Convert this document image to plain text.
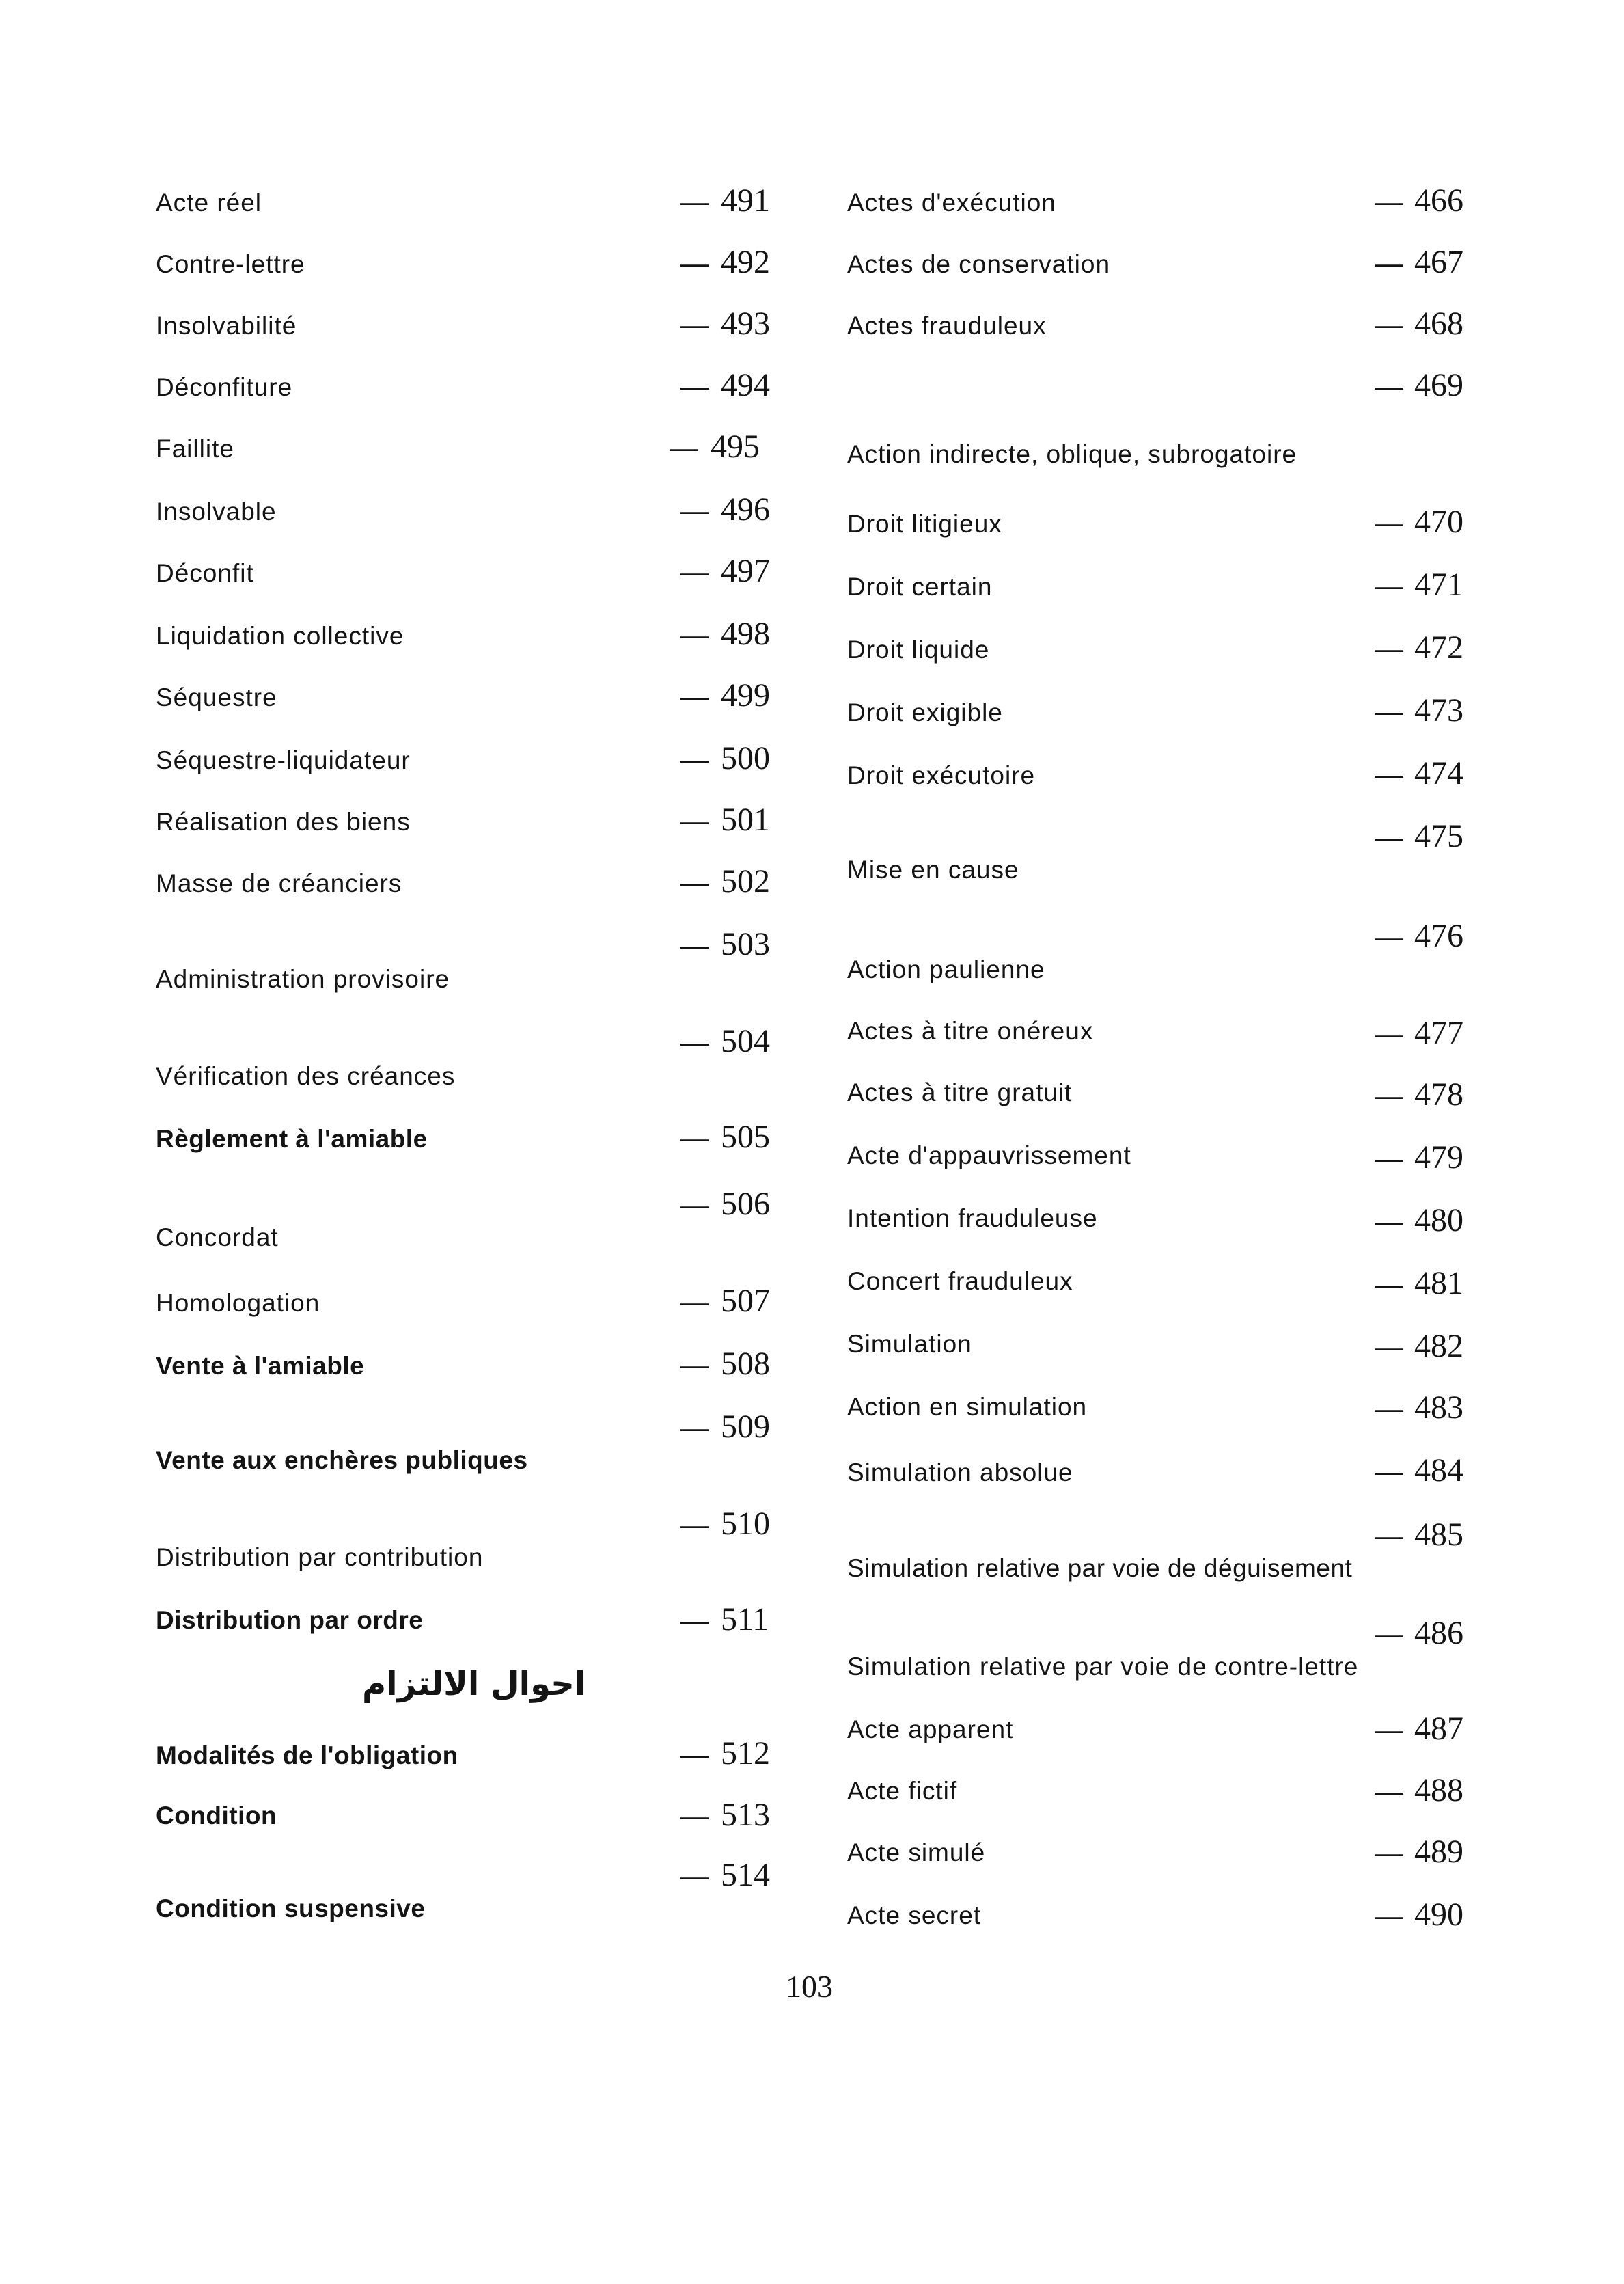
466
—
Actes d'exécution
467
—
Actes de conservation
468
—
Actes frauduleux
469
—
Action indirecte, oblique, subrogatoire
470
—
Droit litigieux
471
—
Droit certain
472
—
Droit liquide
473
—
Droit exigible
474
—
Droit exécutoire
475
—
Mise en cause
476
—
Action paulienne
477
—
Actes à titre onéreux
478
—
Actes à titre gratuit
479
—
Acte d'appauvrissement
480
—
Intention frauduleuse
481
—
Concert frauduleux
482
—
Simulation
483
—
Action en simulation
484
—
Simulation absolue
485
—
Simulation relative par voie de déguisement
486
—
Simulation relative par voie de contre-lettre
487
—
Acte apparent
488
—
Acte fictif
489
—
Acte simulé
490
—
Acte secret
491
—
Acte réel
492
—
Contre-lettre
493
—
Insolvabilité
494
—
Déconfiture
495
—
Faillite
496
—
Insolvable
497
—
Déconfit
498
—
Liquidation collective
499
—
Séquestre
500
—
Séquestre-liquidateur
501
—
Réalisation des biens
502
—
Masse de créanciers
503
—
Administration provisoire
504
—
Vérification des créances
505
—
Règlement à l'amiable
506
—
Concordat
507
—
Homologation
508
—
Vente à l'amiable
509
—
Vente aux enchères publiques
510
—
Distribution par contribution
511
—
Distribution par ordre
احوال الالتزام
512
—
Modalités de l'obligation
513
—
Condition
514
—
Condition suspensive
103
